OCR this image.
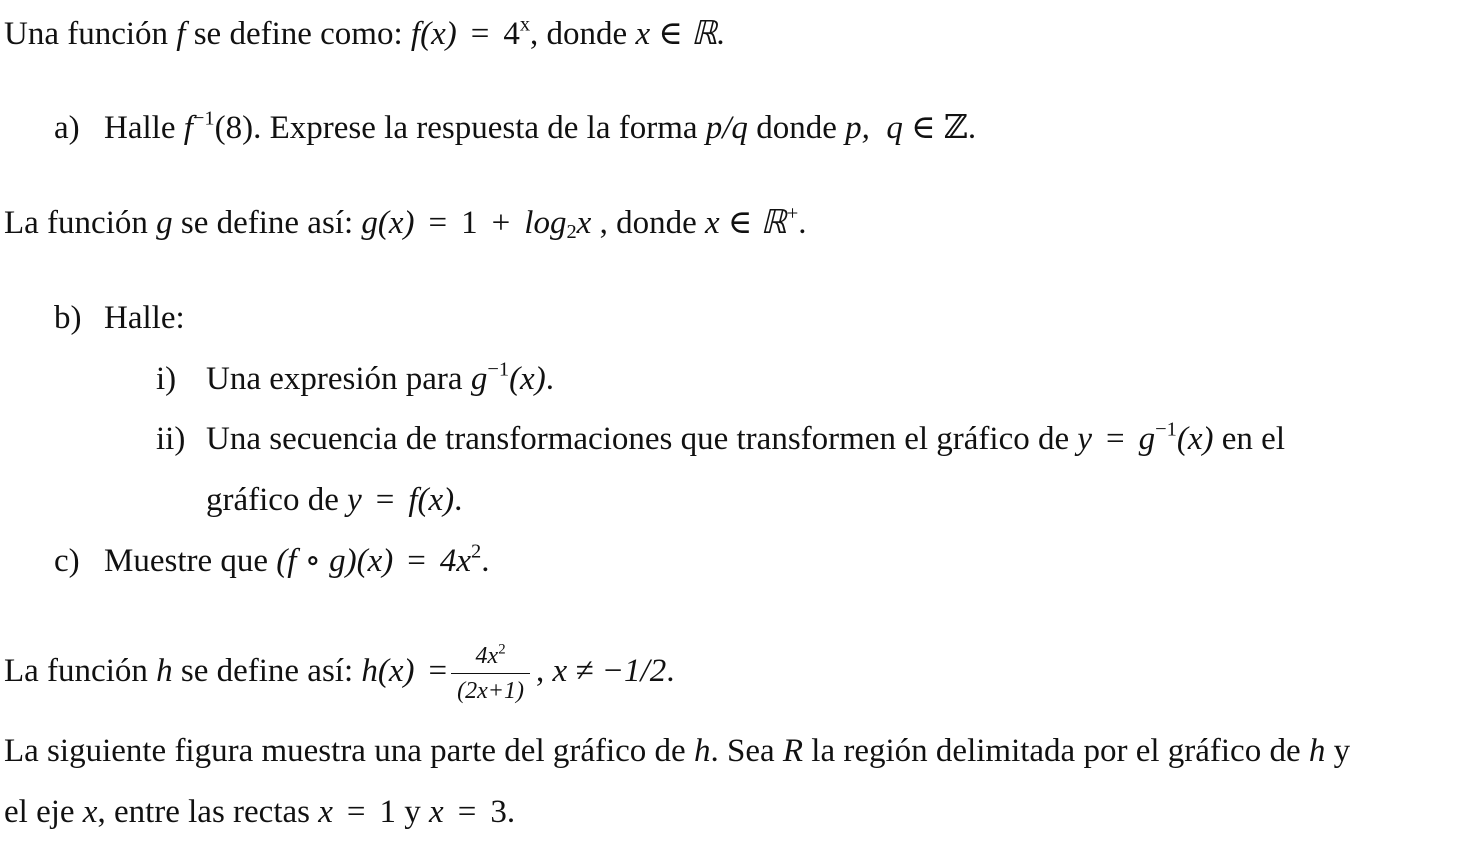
Una función f se define como: $f(x) = 4^x$, donde x ∈ ℝ.
a) Halle $f^{-1}(8)$. Exprese la respuesta de la forma p/q donde p, q ∈ ℤ.
La función g se define así: $g(x) = 1 + \log_2x$ , donde x ∈ ℝ+.
b) Halle:
i) Una expresión para $g^{-1}(x)$.
ii) Una secuencia de transformaciones que transformen el gráfico de $y = g^{-1}(x)$ en el
gráfico de y = f(x).
c) Muestre que (f ∘ $g)(x) = 4x^2$.
La función h se define así: $h(x) = \frac{4x^2}{(2x+1)}$ , x ≠ −1/2.
La siguiente figura muestra una parte del gráfico de h. Sea R la región delimitada por el gráfico de h y
el eje x, entre las rectas x = 1 y x = 3.
